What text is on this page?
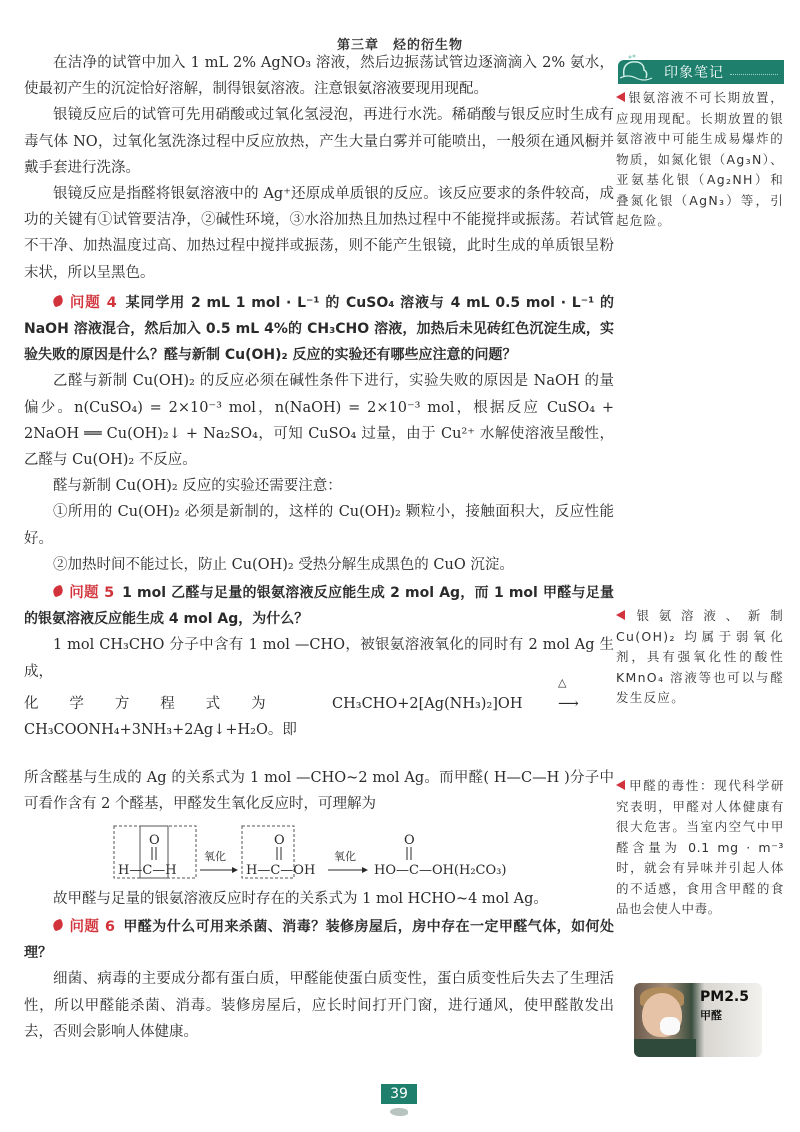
第三章　烃的衍生物

在洁净的试管中加入 1 mL 2% AgNO₃ 溶液，然后边振荡试管边逐滴滴入 2% 氨水，使最初产生的沉淀恰好溶解，制得银氨溶液。注意银氨溶液要现用现配。

银镜反应后的试管可先用硝酸或过氧化氢浸泡，再进行水洗。稀硝酸与银反应时生成有毒气体 NO，过氧化氢洗涤过程中反应放热，产生大量白雾并可能喷出，一般须在通风橱并戴手套进行洗涤。

银镜反应是指醛将银氨溶液中的 Ag⁺还原成单质银的反应。该反应要求的条件较高，成功的关键有①试管要洁净，②碱性环境，③水浴加热且加热过程中不能搅拌或振荡。若试管不干净、加热温度过高、加热过程中搅拌或振荡，则不能产生银镜，此时生成的单质银呈粉末状，所以呈黑色。

问题 4 某同学用 2 mL 1 mol · L⁻¹ 的 CuSO₄ 溶液与 4 mL 0.5 mol · L⁻¹ 的 NaOH 溶液混合，然后加入 0.5 mL 4%的 CH₃CHO 溶液，加热后未见砖红色沉淀生成，实验失败的原因是什么？醛与新制 Cu(OH)₂ 反应的实验还有哪些应注意的问题？

乙醛与新制 Cu(OH)₂ 的反应必须在碱性条件下进行，实验失败的原因是 NaOH 的量偏少。n(CuSO₄) = 2×10⁻³ mol，n(NaOH) = 2×10⁻³ mol，根据反应 CuSO₄ + 2NaOH ══ Cu(OH)₂↓ + Na₂SO₄，可知 CuSO₄ 过量，由于 Cu²⁺ 水解使溶液呈酸性，乙醛与 Cu(OH)₂ 不反应。

醛与新制 Cu(OH)₂ 反应的实验还需要注意：

①所用的 Cu(OH)₂ 必须是新制的，这样的 Cu(OH)₂ 颗粒小，接触面积大，反应性能好。

②加热时间不能过长，防止 Cu(OH)₂ 受热分解生成黑色的 CuO 沉淀。

问题 5 1 mol 乙醛与足量的银氨溶液反应能生成 2 mol Ag，而 1 mol 甲醛与足量的银氨溶液反应能生成 4 mol Ag，为什么？

1 mol CH₃CHO 分子中含有 1 mol —CHO，被银氨溶液氧化的同时有 2 mol Ag 生成，

化学方程式为 CH₃CHO+2[Ag(NH₃)₂]OH
△
⟶ CH₃COONH₄+3NH₃+2Ag↓+H₂O。即

所含醛基与生成的 Ag 的关系式为 1 mol —CHO~2 mol Ag。而甲醛( H—C—H )分子中可看作含有 2 个醛基，甲醛发生氧化反应时，可理解为

O
H—C—H
氧化
O
H—C—OH
氧化
O
HO—C—OH(H₂CO₃)

故甲醛与足量的银氨溶液反应时存在的关系式为 1 mol HCHO~4 mol Ag。

问题 6 甲醛为什么可用来杀菌、消毒？装修房屋后，房中存在一定甲醛气体，如何处理？

细菌、病毒的主要成分都有蛋白质，甲醛能使蛋白质变性，蛋白质变性后失去了生理活性，所以甲醛能杀菌、消毒。装修房屋后，应长时间打开门窗，进行通风，使甲醛散发出去，否则会影响人体健康。

印象笔记
银氨溶液不可长期放置，应现用现配。长期放置的银氨溶液中可能生成易爆炸的物质，如氮化银（Ag₃N）、亚氨基化银（Ag₂NH）和叠氮化银（AgN₃）等，引起危险。
银氨溶液、新制 Cu(OH)₂ 均属于弱氧化剂，具有强氧化性的酸性 KMnO₄ 溶液等也可以与醛发生反应。
甲醛的毒性：现代科学研究表明，甲醛对人体健康有很大危害。当室内空气中甲醛含量为 0.1 mg · m⁻³ 时，就会有异味并引起人体的不适感，食用含甲醛的食品也会使人中毒。
PM2.5
甲醛
39
